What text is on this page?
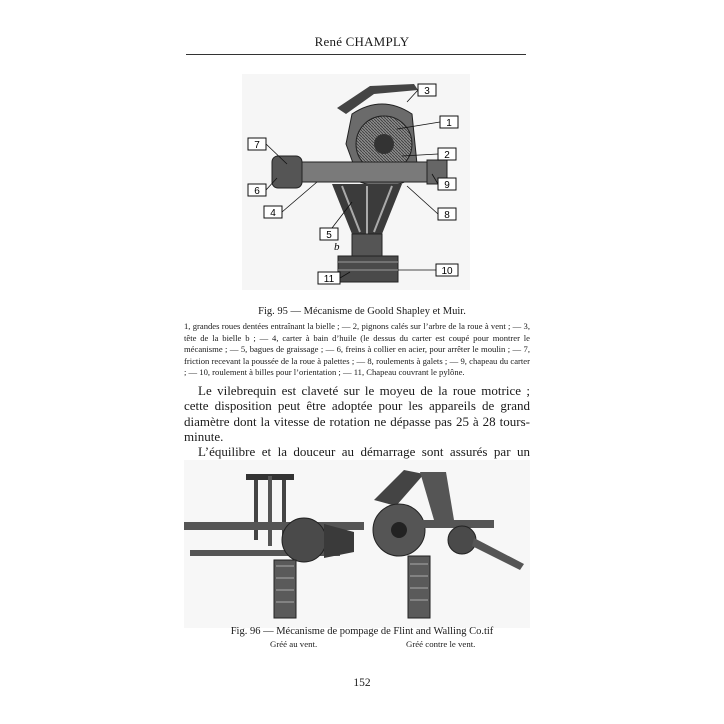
René CHAMPLY
3
1
2
9
8
7
6
4
5
b
11
10
Fig. 95 — Mécanisme de Goold Shapley et Muir.
1, grandes roues dentées entraînant la bielle ; — 2, pignons calés sur l’arbre de la roue à vent ; — 3, tête de la bielle b ; — 4, carter à bain d’huile (le dessus du carter est coupé pour montrer le mécanisme ; — 5, bagues de graissage ; — 6, freins à collier en acier, pour arrêter le moulin ; — 7, friction recevant la poussée de la roue à palettes ; — 8, roulements à galets ; — 9, chapeau du carter ; — 10, roulement à billes pour l’orientation ; — 11, Chapeau couvrant le pylône.

Le vilebrequin est claveté sur le moyeu de la roue motrice ; cette disposition peut être adoptée pour les appareils de grand diamètre dont la vitesse de rotation ne dépasse pas 25 à 28 tours-minute.

L’équilibre et la douceur au démarrage sont assurés par un

Fig. 96 — Mécanisme de pompage de Flint and Walling Co.tif
Gréé au vent.	Gréé contre le vent.
152
